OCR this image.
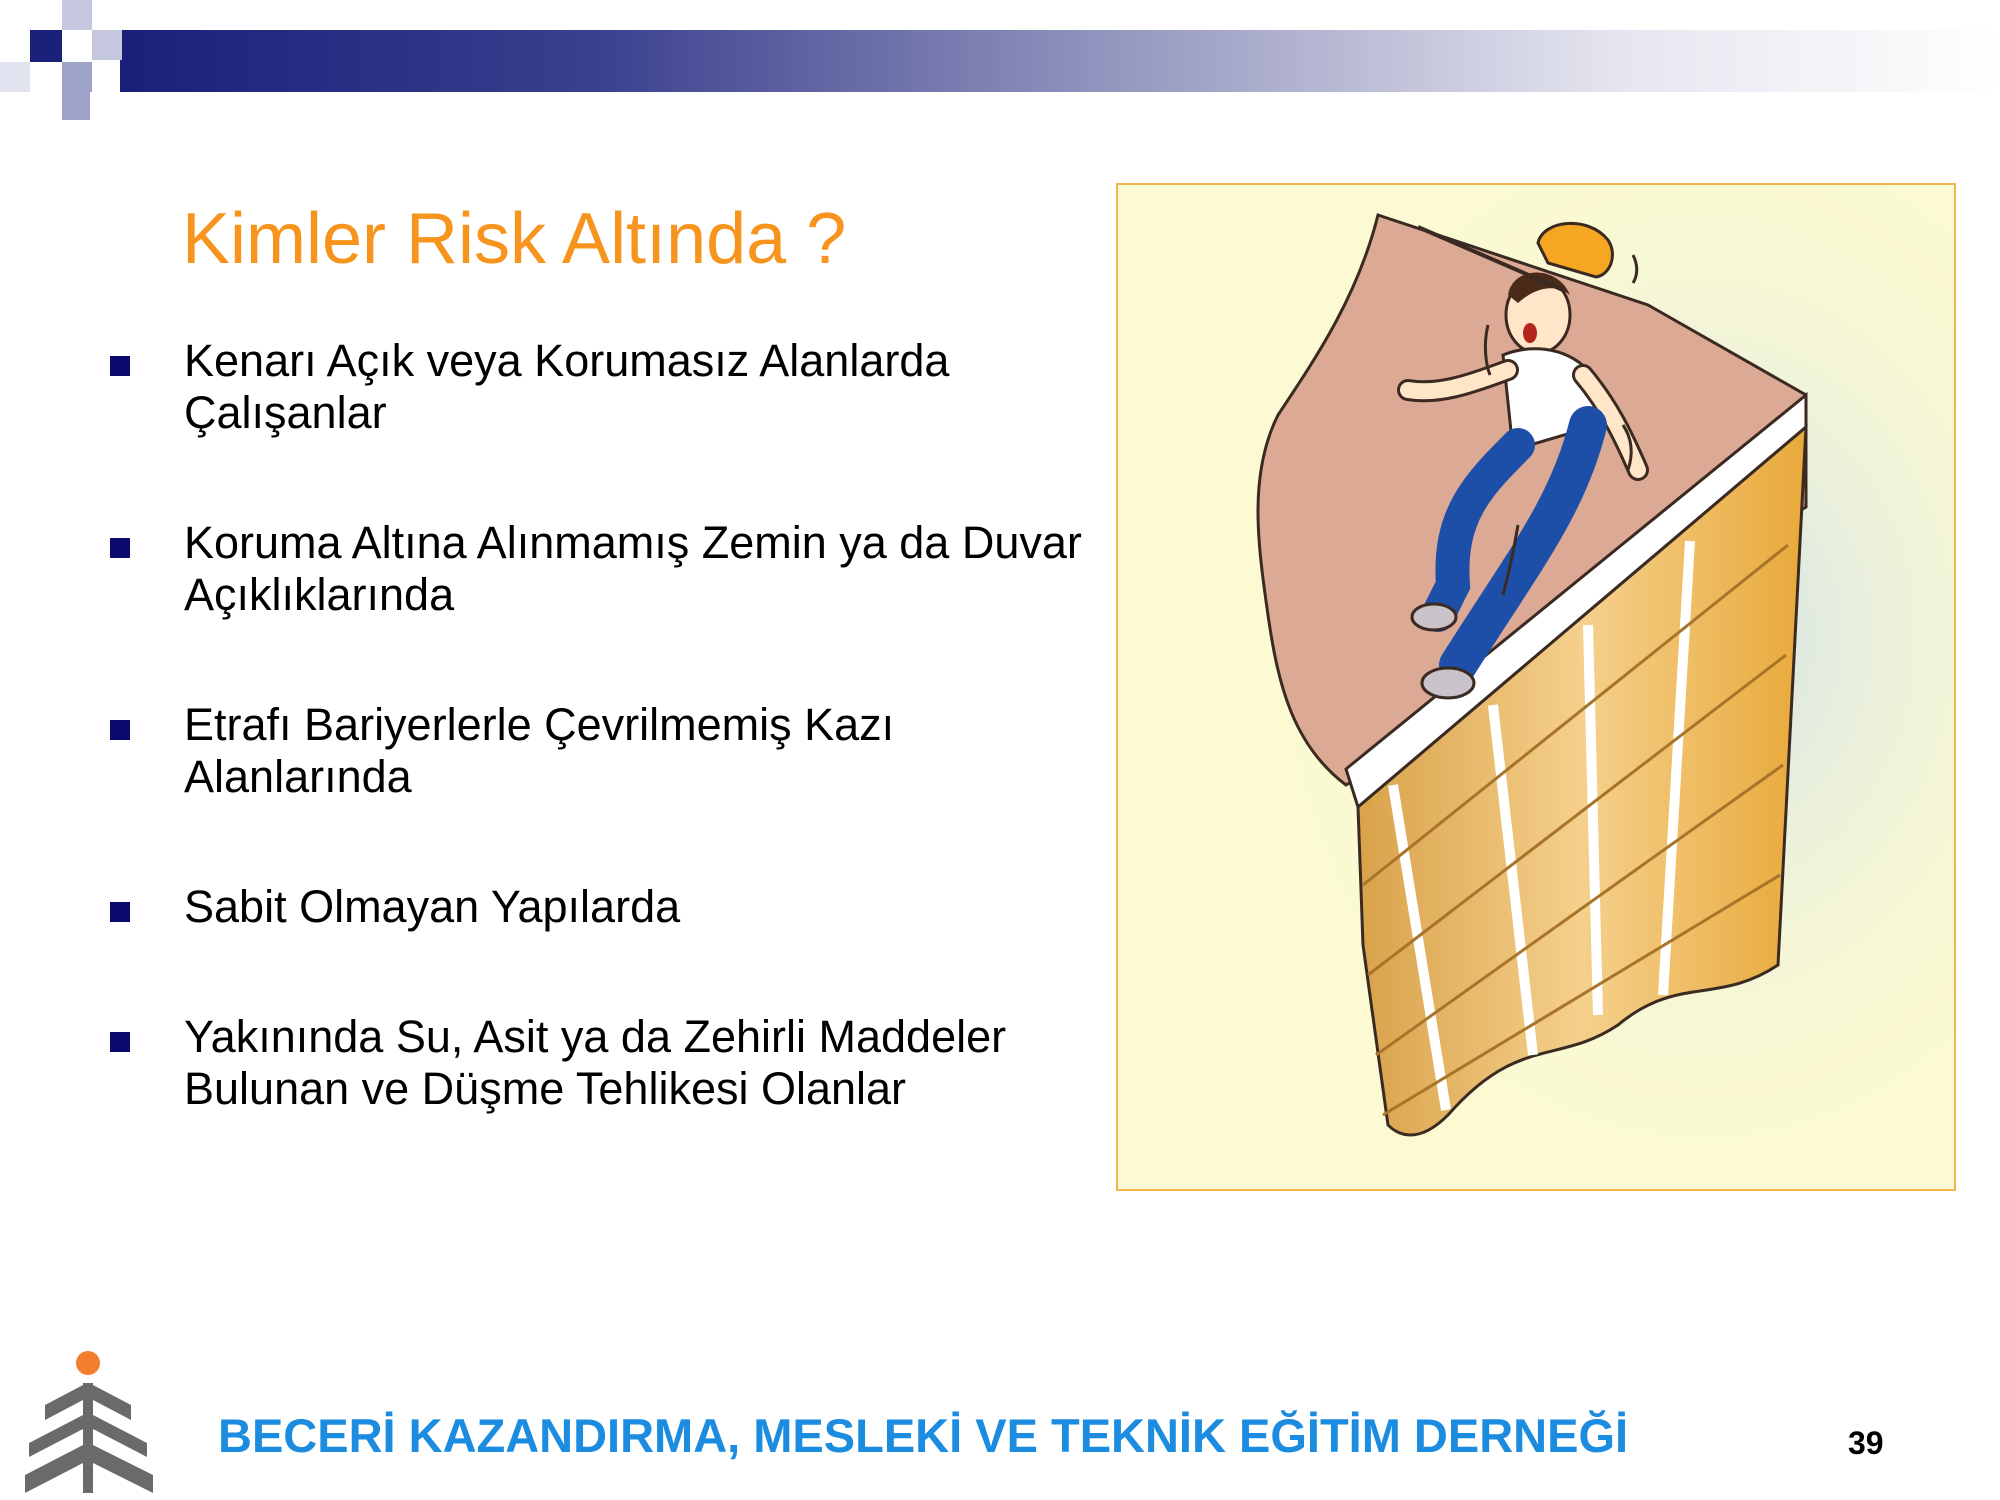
Kimler Risk Altında ?
Kenarı Açık veya Korumasız Alanlarda Çalışanlar
Koruma Altına Alınmamış Zemin ya da Duvar Açıklıklarında
Etrafı Bariyerlerle Çevrilmemiş Kazı Alanlarında
Sabit Olmayan Yapılarda
Yakınında Su, Asit ya da Zehirli Maddeler Bulunan ve Düşme Tehlikesi Olanlar
BECERİ KAZANDIRMA, MESLEKİ VE TEKNİK EĞİTİM DERNEĞİ	39
